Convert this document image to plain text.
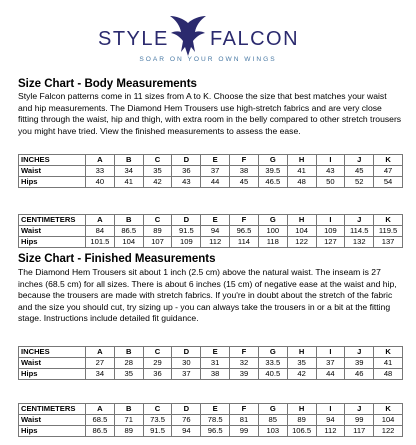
STYLE FALCON
SOAR ON YOUR OWN WINGS
Size Chart - Body Measurements
Style Falcon patterns come in 11 sizes from A to K. Choose the size that best matches your waist and hip measurements. The Diamond Hem Trousers use high-stretch fabrics and are very close fitting through the waist, hip and thigh, with extra room in the belly compared to other stretch trousers you might have tried. View the finished measurements to assess the ease.
INCHES	A	B	C	D	E	F	G	H	I	J	K
Waist	33	34	35	36	37	38	39.5	41	43	45	47
Hips	40	41	42	43	44	45	46.5	48	50	52	54
CENTIMETERS	A	B	C	D	E	F	G	H	I	J	K
Waist	84	86.5	89	91.5	94	96.5	100	104	109	114.5	119.5
Hips	101.5	104	107	109	112	114	118	122	127	132	137
Size Chart - Finished Measurements
The Diamond Hem Trousers sit about 1 inch (2.5 cm) above the natural waist. The inseam is 27 inches (68.5 cm) for all sizes. There is about 6 inches (15 cm) of negative ease at the waist and hip, because the trousers are made with stretch fabrics. If you're in doubt about the stretch of the fabric and the size you should cut, try sizing up - you can always take the trousers in or a bit at the fitting stage. Instructions include detailed fit guidance.
INCHES	A	B	C	D	E	F	G	H	I	J	K
Waist	27	28	29	30	31	32	33.5	35	37	39	41
Hips	34	35	36	37	38	39	40.5	42	44	46	48
CENTIMETERS	A	B	C	D	E	F	G	H	I	J	K
Waist	68.5	71	73.5	76	78.5	81	85	89	94	99	104
Hips	86.5	89	91.5	94	96.5	99	103	106.5	112	117	122
